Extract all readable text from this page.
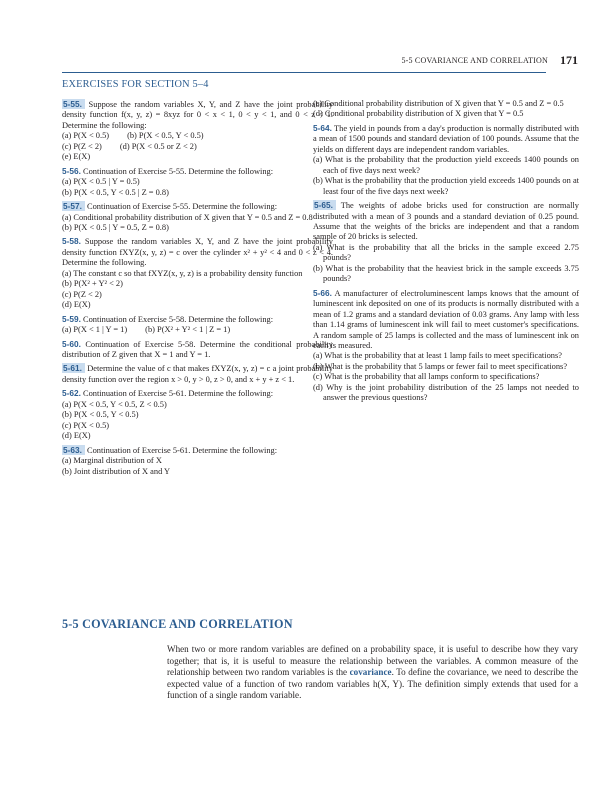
5-5 COVARIANCE AND CORRELATION	171
EXERCISES FOR SECTION 5–4

5-55. Suppose the random variables X, Y, and Z have the joint probability density function f(x, y, z) = 8xyz for 0 < x < 1, 0 < y < 1, and 0 < z < 1. Determine the following:

(a) P(X < 0.5) (b) P(X < 0.5, Y < 0.5)
(c) P(Z < 2) (d) P(X < 0.5 or Z < 2)
(e) E(X)

5-56. Continuation of Exercise 5-55. Determine the following:

(a) P(X < 0.5 | Y = 0.5)

(b) P(X < 0.5, Y < 0.5 | Z = 0.8)

5-57. Continuation of Exercise 5-55. Determine the following:

(a) Conditional probability distribution of X given that Y = 0.5 and Z = 0.8

(b) P(X < 0.5 | Y = 0.5, Z = 0.8)

5-58. Suppose the random variables X, Y, and Z have the joint probability density function fXYZ(x, y, z) = c over the cylinder x² + y² < 4 and 0 < z < 4. Determine the following.

(a) The constant c so that fXYZ(x, y, z) is a probability density function

(b) P(X² + Y² < 2)

(c) P(Z < 2)

(d) E(X)

5-59. Continuation of Exercise 5-58. Determine the following:

(a) P(X < 1 | Y = 1) (b) P(X² + Y² < 1 | Z = 1)

5-60. Continuation of Exercise 5-58. Determine the conditional probability distribution of Z given that X = 1 and Y = 1.

5-61. Determine the value of c that makes fXYZ(x, y, z) = c a joint probability density function over the region x > 0, y > 0, z > 0, and x + y + z < 1.

5-62. Continuation of Exercise 5-61. Determine the following:

(a) P(X < 0.5, Y < 0.5, Z < 0.5)

(b) P(X < 0.5, Y < 0.5)

(c) P(X < 0.5)

(d) E(X)

5-63. Continuation of Exercise 5-61. Determine the following:

(a) Marginal distribution of X

(b) Joint distribution of X and Y

(c) Conditional probability distribution of X given that Y = 0.5 and Z = 0.5

(d) Conditional probability distribution of X given that Y = 0.5

5-64. The yield in pounds from a day's production is normally distributed with a mean of 1500 pounds and standard deviation of 100 pounds. Assume that the yields on different days are independent random variables.

(a) What is the probability that the production yield exceeds 1400 pounds on each of five days next week?

(b) What is the probability that the production yield exceeds 1400 pounds on at least four of the five days next week?

5-65. The weights of adobe bricks used for construction are normally distributed with a mean of 3 pounds and a standard deviation of 0.25 pound. Assume that the weights of the bricks are independent and that a random sample of 20 bricks is selected.

(a) What is the probability that all the bricks in the sample exceed 2.75 pounds?

(b) What is the probability that the heaviest brick in the sample exceeds 3.75 pounds?

5-66. A manufacturer of electroluminescent lamps knows that the amount of luminescent ink deposited on one of its products is normally distributed with a mean of 1.2 grams and a standard deviation of 0.03 grams. Any lamp with less than 1.14 grams of luminescent ink will fail to meet customer's specifications. A random sample of 25 lamps is collected and the mass of luminescent ink on each is measured.

(a) What is the probability that at least 1 lamp fails to meet specifications?

(b) What is the probability that 5 lamps or fewer fail to meet specifications?

(c) What is the probability that all lamps conform to specifications?

(d) Why is the joint probability distribution of the 25 lamps not needed to answer the previous questions?

5-5 COVARIANCE AND CORRELATION
When two or more random variables are defined on a probability space, it is useful to describe how they vary together; that is, it is useful to measure the relationship between the variables. A common measure of the relationship between two random variables is the covariance. To define the covariance, we need to describe the expected value of a function of two random variables h(X, Y). The definition simply extends that used for a function of a single random variable.
